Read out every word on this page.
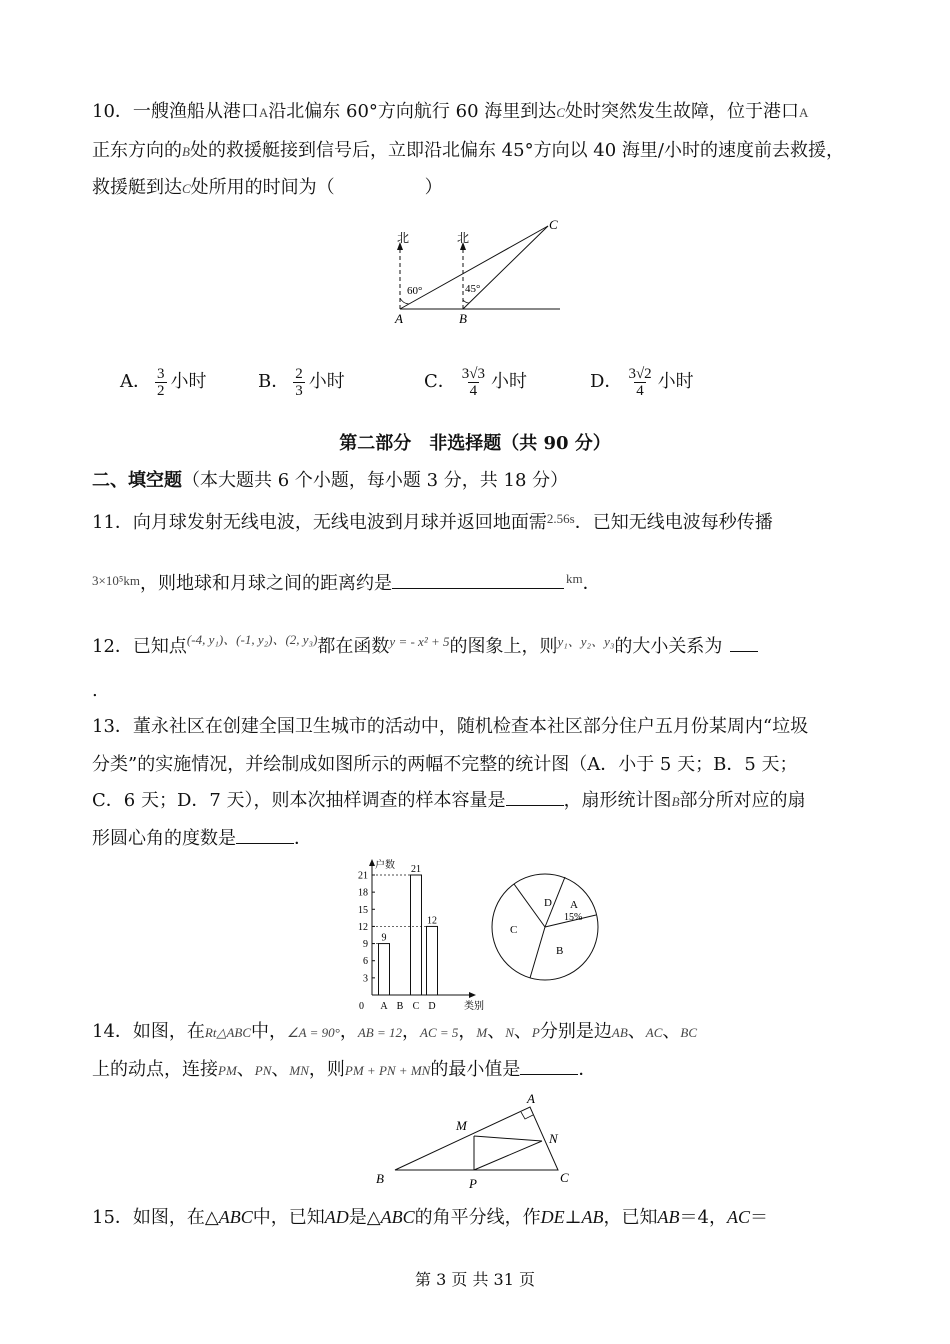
10．一艘渔船从港口A沿北偏东 60°方向航行 60 海里到达C处时突然发生故障，位于港口A
正东方向的B处的救援艇接到信号后，立即沿北偏东 45°方向以 40 海里/小时的速度前去救援，
救援艇到达C处所用的时间为（　　　　　）
北	北
60°	45°
A	B
C
A． $\frac{3}{2}$ 小时	B． $\frac{2}{3}$ 小时	C． $\frac{3√3}{4}$ 小时	D． $\frac{3√2}{4}$ 小时
第二部分　非选择题（共 90 分）
二、填空题（本大题共 6 个小题，每小题 3 分，共 18 分）
11．向月球发射无线电波，无线电波到月球并返回地面需$^{2.56s}$．已知无线电波每秒传播
$^{3\times 10^5km}$，则地球和月球之间的距离约是	$^{km}$．
12．已知点$^{(-4, y_1)、(-1, y_2)、(2, y_3)}$都在函数$^{y = - x^2 + 5}$的图象上，则$^{y_1、y_2、y_3}$的大小关系为
.
13．董永社区在创建全国卫生城市的活动中，随机检查本社区部分住户五月份某周内“垃圾
分类”的实施情况，并绘制成如图所示的两幅不完整的统计图（A．小于 5 天；B．5 天；
C．6 天；D．7 天），则本次抽样调查的样本容量是	，扇形统计图B部分所对应的扇
形圆心角的度数是	．
户数
类别
0
3
6
9
12
15
18
21
A
9
B C
21
D
12
D A
15%
C
B
14．如图，在Rt△ABC中，∠A = 90°，AB = 12，AC = 5，M、N、P分别是边AB、AC、BC
上的动点，连接PM、PN、MN，则PM + PN + MN的最小值是	．
A
B	C
M
N
P
15．如图，在△ABC中，已知AD是△ABC的角平分线，作DE⊥AB，已知AB＝4，AC＝
第 3 页 共 31 页
